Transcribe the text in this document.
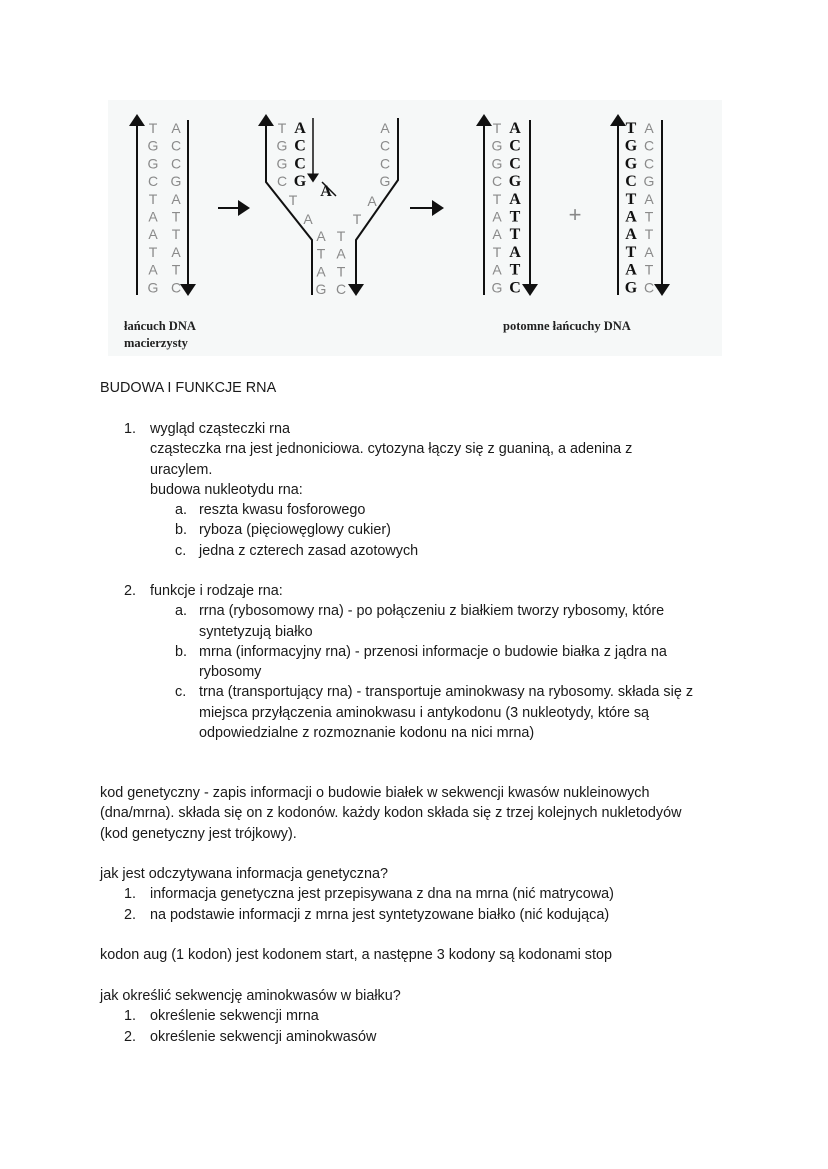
T
G
G
C
T
A
A
T
A
G
A
C
C
G
A
T
T
A
T
C
T
G
G
C
A
C
C
G
A
A
C
C
G
T
A
A
T
A
T
A
G
T
A
T
C
T
G
G
C
T
A
A
T
A
G
A
C
C
G
A
T
T
A
T
C
T
G
G
C
T
A
A
T
A
G
A
C
C
G
A
T
T
A
T
C
+
łańcuch DNA
macierzysty
potomne łańcuchy DNA
BUDOWA I FUNKCJE RNA
1. wygląd cząsteczki rna
cząsteczka rna jest jednoniciowa. cytozyna łączy się z guaniną, a adenina z
uracylem.
budowa nukleotydu rna:
a. reszta kwasu fosforowego
b. ryboza (pięciowęglowy cukier)
c. jedna z czterech zasad azotowych
2. funkcje i rodzaje rna:
a. rrna (rybosomowy rna) - po połączeniu z białkiem tworzy rybosomy, które
syntetyzują białko
b. mrna (informacyjny rna) - przenosi informacje o budowie białka z jądra na
rybosomy
c. trna (transportujący rna) - transportuje aminokwasy na rybosomy. składa się z
miejsca przyłączenia aminokwasu i antykodonu (3 nukleotydy, które są
odpowiedzialne z rozmoznanie kodonu na nici mrna)
kod genetyczny - zapis informacji o budowie białek w sekwencji kwasów nukleinowych
(dna/mrna). składa się on z kodonów. każdy kodon składa się z trzej kolejnych nukletodyów
(kod genetyczny jest trójkowy).
jak jest odczytywana informacja genetyczna?
1. informacja genetyczna jest przepisywana z dna na mrna (nić matrycowa)
2. na podstawie informacji z mrna jest syntetyzowane białko (nić kodująca)
kodon aug (1 kodon) jest kodonem start, a następne 3 kodony są kodonami stop
jak określić sekwencję aminokwasów w białku?
1. określenie sekwencji mrna
2. określenie sekwencji aminokwasów
